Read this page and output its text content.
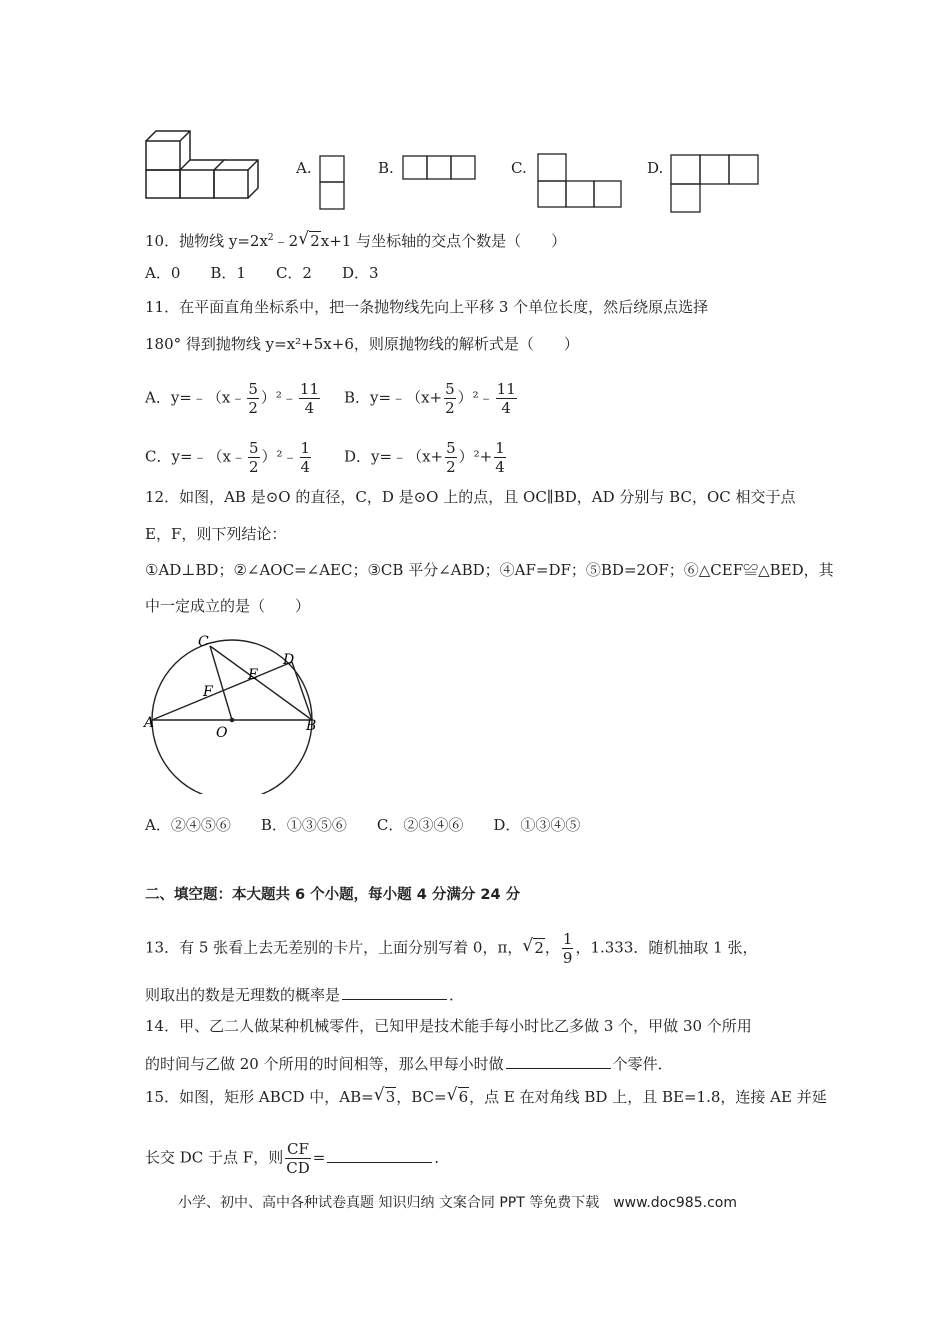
A.	B.	C.	D.
10．抛物线 $y=2x^2﹣2√$ 2x+1 与坐标轴的交点个数是（　　）
A．0　　B．1　　C．2　　D．3
11．在平面直角坐标系中，把一条抛物线先向上平移 3 个单位长度，然后绕原点选择
180° 得到抛物线 y=x²+5x+6，则原抛物线的解析式是（　　）
A．y=﹣（x﹣ $\frac{5}{2}$ ）²﹣ $\frac{11}{4}$ B．y=﹣（x+ $\frac{5}{2}$ ）²﹣ $\frac{11}{4}$
C．y=﹣（x﹣ $\frac{5}{2}$ ）²﹣ $\frac{1}{4}$ D．y=﹣（x+ $\frac{5}{2} )^2+ \frac{1}{4}$
12．如图，AB 是⊙O 的直径，C，D 是⊙O 上的点，且 OC∥BD，AD 分别与 BC，OC 相交于点
E，F，则下列结论：
①AD⊥BD；②∠AOC=∠AEC；③CB 平分∠ABD；④AF=DF；⑤BD=2OF；⑥△CEF≌△BED，其
中一定成立的是（　　）
A	B
C
D
E
F
O
A．②④⑤⑥　　B．①③⑤⑥　　C．②③④⑥　　D．①③④⑤
二、填空题：本大题共 6 个小题，每小题 4 分满分 24 分
13．有 5 张看上去无差别的卡片，上面分别写着 0，π，√ 2， $\frac{1}{9}$ ，1.333．随机抽取 1 张，
则取出的数是无理数的概率是	．
14．甲、乙二人做某种机械零件，已知甲是技术能手每小时比乙多做 3 个，甲做 30 个所用
的时间与乙做 20 个所用的时间相等，那么甲每小时做	个零件．
15．如图，矩形 ABCD 中，AB=√ 3，BC=√ 6，点 E 在对角线 BD 上，且 BE=1.8，连接 AE 并延
长交 DC 于点 F，则 $\frac{CF}{CD}$ =	．
小学、初中、高中各种试卷真题 知识归纳 文案合同 PPT 等免费下载　www.doc985.com
